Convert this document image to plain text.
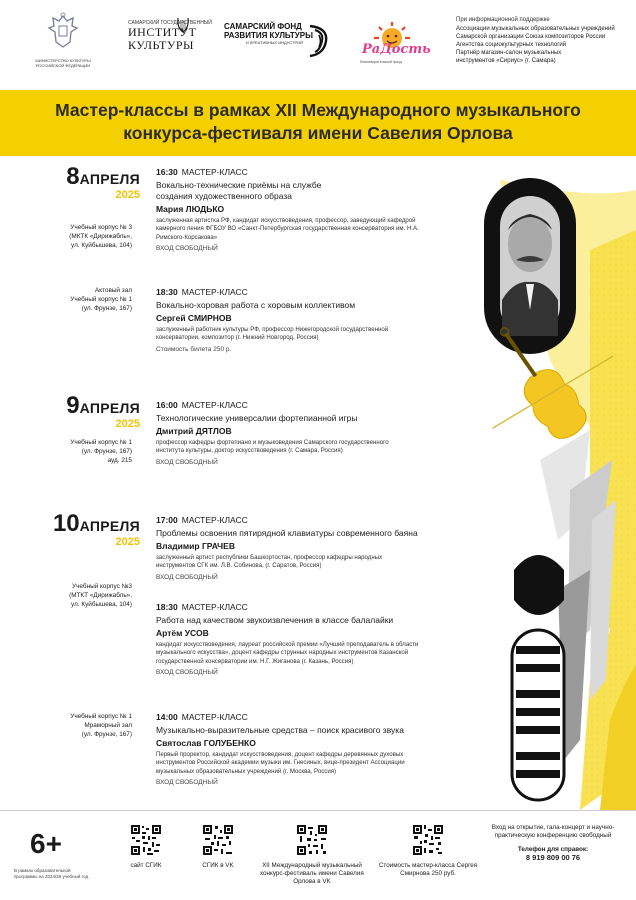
МИНИСТЕРСТВО КУЛЬТУРЫ РОССИЙСКОЙ ФЕДЕРАЦИИ
САМАРСКИЙ ГОСУДАРСТВЕННЫЙ
ИНСТИТУТ КУЛЬТУРЫ
САМАРСКИЙ ФОНД
РАЗВИТИЯ КУЛЬТУРЫ
И КРЕАТИВНЫХ ИНДУСТРИЙ	РаДость
благотворительный фонд
При информационной поддержке
Ассоциации музыкальных образовательных учреждений
Самарской организации Союза композиторов России
Агентства социокультурных технологий
Партнёр магазин-салон музыкальных
инструментов «Сириус» (г. Самара)
Мастер-классы в рамках XII Международного музыкального
конкурса-фестиваля имени Савелия Орлова
8АПРЕЛЯ
2025
Учебный корпус № 3
(МКТК «Дирижабль»,
ул. Куйбышева, 104)
16:30 МАСТЕР-КЛАСС
Вокально-технические приёмы на службе создания художественного образа
Мария ЛЮДЬКО
заслуженная артистка РФ, кандидат искусствоведения, профессор, заведующий кафедрой камерного пения ФГБОУ ВО «Санкт-Петербургская государственная консерватория им. Н.А. Римского-Корсакова»
ВХОД СВОБОДНЫЙ
Актовый зал
Учебный корпус № 1
(ул. Фрунзе, 167)
18:30 МАСТЕР-КЛАСС
Вокально-хоровая работа с хоровым коллективом
Сергей СМИРНОВ
заслуженный работник культуры РФ, профессор Нижегородской государственной консерватории, композитор (г. Нижний Новгород, Россия)
Стоимость билета 250 р.
9АПРЕЛЯ
2025
Учебный корпус № 1
(ул. Фрунзе, 167)
ауд. 215
16:00 МАСТЕР-КЛАСС
Технологические универсалии фортепианной игры
Дмитрий ДЯТЛОВ
профессор кафедры фортепиано и музыковедения Самарского государственного института культуры, доктор искусствоведения (г. Самара, Россия)
ВХОД СВОБОДНЫЙ
10АПРЕЛЯ
2025
Учебный корпус №3
(МТКТ «Дирижабль»,
ул. Куйбышева, 104)
17:00 МАСТЕР-КЛАСС
Проблемы освоения пятирядной клавиатуры современного баяна
Владимир ГРАЧЕВ
заслуженный артист республики Башкортостан, профессор кафедры народных инструментов СГК им. Л.В. Собинова, (г. Саратов, Россия)
ВХОД СВОБОДНЫЙ
18:30 МАСТЕР-КЛАСС
Работа над качеством звукоизвлечения в классе балалайки
Артём УСОВ
кандидат искусствоведения, лауреат российской премии «Лучший преподаватель в области музыкального искусства», доцент кафедры струнных народных инструментов Казанской государственной консерватории им. Н.Г. Жиганова (г. Казань, Россия)
ВХОД СВОБОДНЫЙ
Учебный корпус № 1
Мраморный зал
(ул. Фрунзе, 167)
14:00 МАСТЕР-КЛАСС
Музыкально-выразительные средства – поиск красивого звука
Святослав ГОЛУБЕНКО
Первый проректор, кандидат искусствоведения, доцент кафедры деревянных духовых инструментов Российской академии музыки им. Гнесиных, вице-президент Ассоциации музыкальных образовательных учреждений (г. Москва, Россия)
ВХОД СВОБОДНЫЙ
6+
В рамках образовательной программы на 2024/25 учебный год
сайт СГИК	СГИК в VK	XII Международный музыкальный конкурс-фестиваль имени Савелия Орлова в VK
Стоимость мастер-класса Сергея Смирнова 250 руб.
Вход на открытие, гала-концерт и научно-практическую конференцию свободный
Телефон для справок:
8 919 809 00 76
